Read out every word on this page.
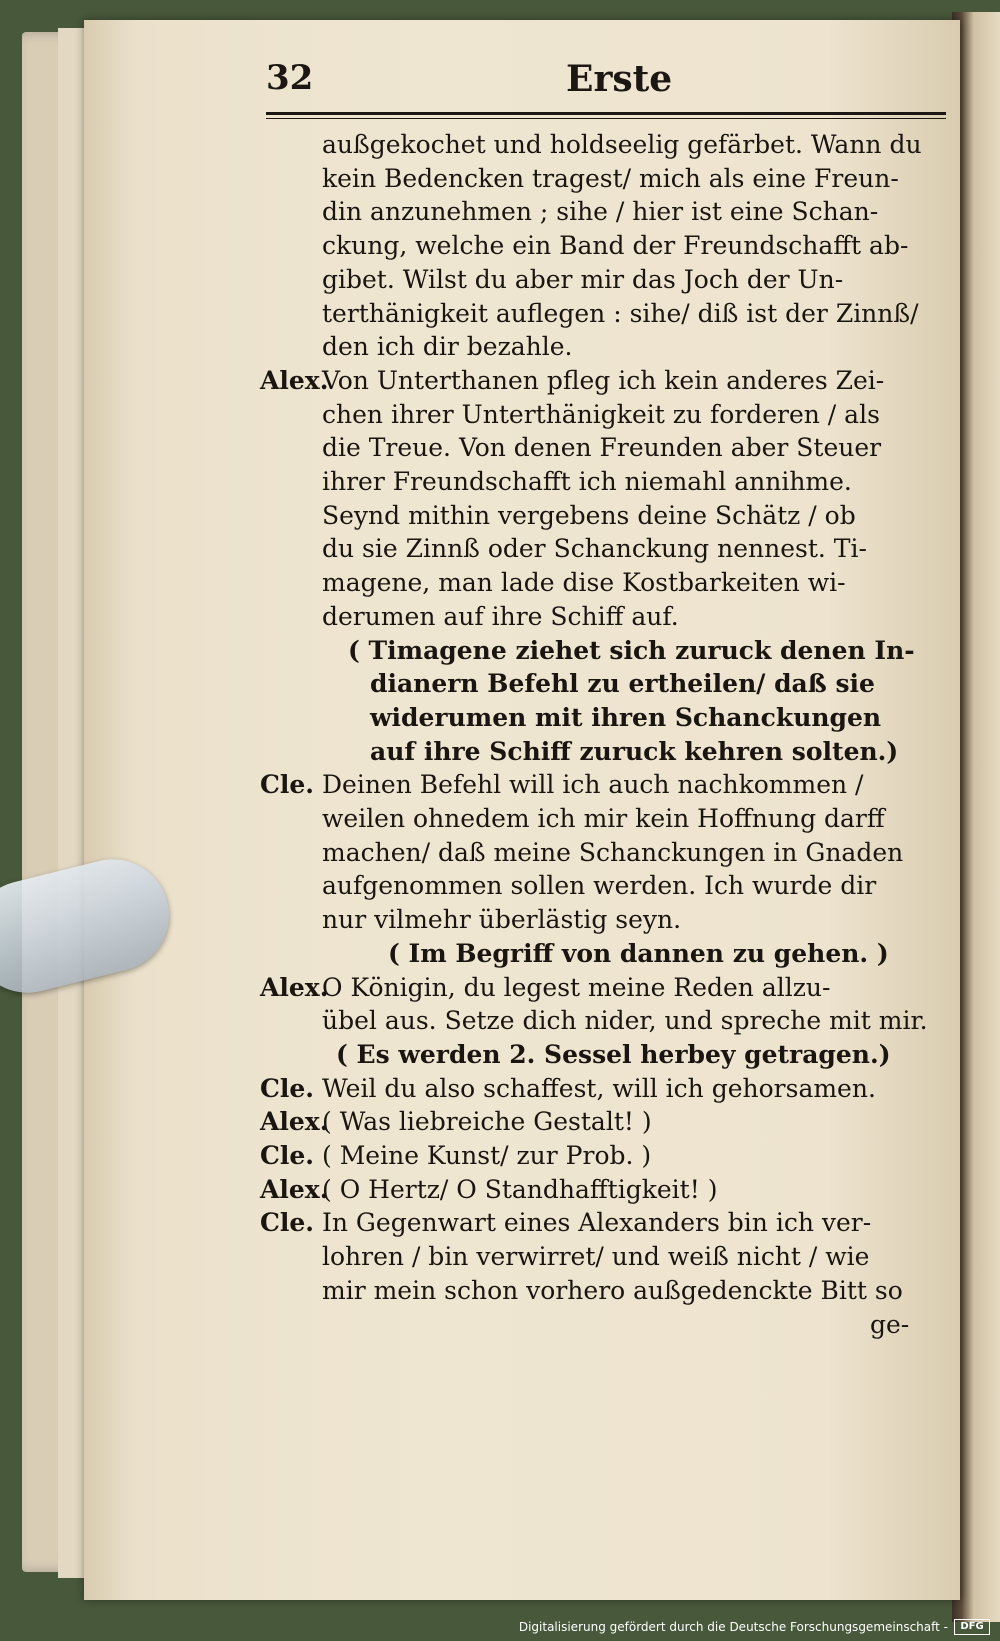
32	Erste
außgekochet und holdseelig gefärbet. Wann du
kein Bedencken tragest/ mich als eine Freun-
din anzunehmen ; sihe / hier ist eine Schan-
ckung, welche ein Band der Freundschafft ab-
gibet. Wilst du aber mir das Joch der Un-
terthänigkeit auflegen : sihe/ diß ist der Zinnß/
den ich dir bezahle.
Alex.
Von Unterthanen pfleg ich kein anderes Zei-
chen ihrer Unterthänigkeit zu forderen / als
die Treue. Von denen Freunden aber Steuer
ihrer Freundschafft ich niemahl annihme.
Seynd mithin vergebens deine Schätz / ob
du sie Zinnß oder Schanckung nennest. Ti-
magene, man lade dise Kostbarkeiten wi-
derumen auf ihre Schiff auf.
( Timagene ziehet sich zuruck denen In-
dianern Befehl zu ertheilen/ daß sie
widerumen mit ihren Schanckungen
auf ihre Schiff zuruck kehren solten.)
Cle. Deinen Befehl will ich auch nachkommen /
weilen ohnedem ich mir kein Hoffnung darff
machen/ daß meine Schanckungen in Gnaden
aufgenommen sollen werden. Ich wurde dir
nur vilmehr überlästig seyn.
( Im Begriff von dannen zu gehen. )
Alex.
O Königin, du legest meine Reden allzu-
übel aus. Setze dich nider, und spreche mit mir.
( Es werden 2. Sessel herbey getragen.)
Cle. Weil du also schaffest, will ich gehorsamen.
Alex.
( Was liebreiche Gestalt! )
Cle. ( Meine Kunst/ zur Prob. )
Alex.
( O Hertz/ O Standhafftigkeit! )
Cle. In Gegenwart eines Alexanders bin ich ver-
lohren / bin verwirret/ und weiß nicht / wie
mir mein schon vorhero außgedenckte Bitt so
ge-
Digitalisierung gefördert durch die Deutsche Forschungsgemeinschaft -	DFG
